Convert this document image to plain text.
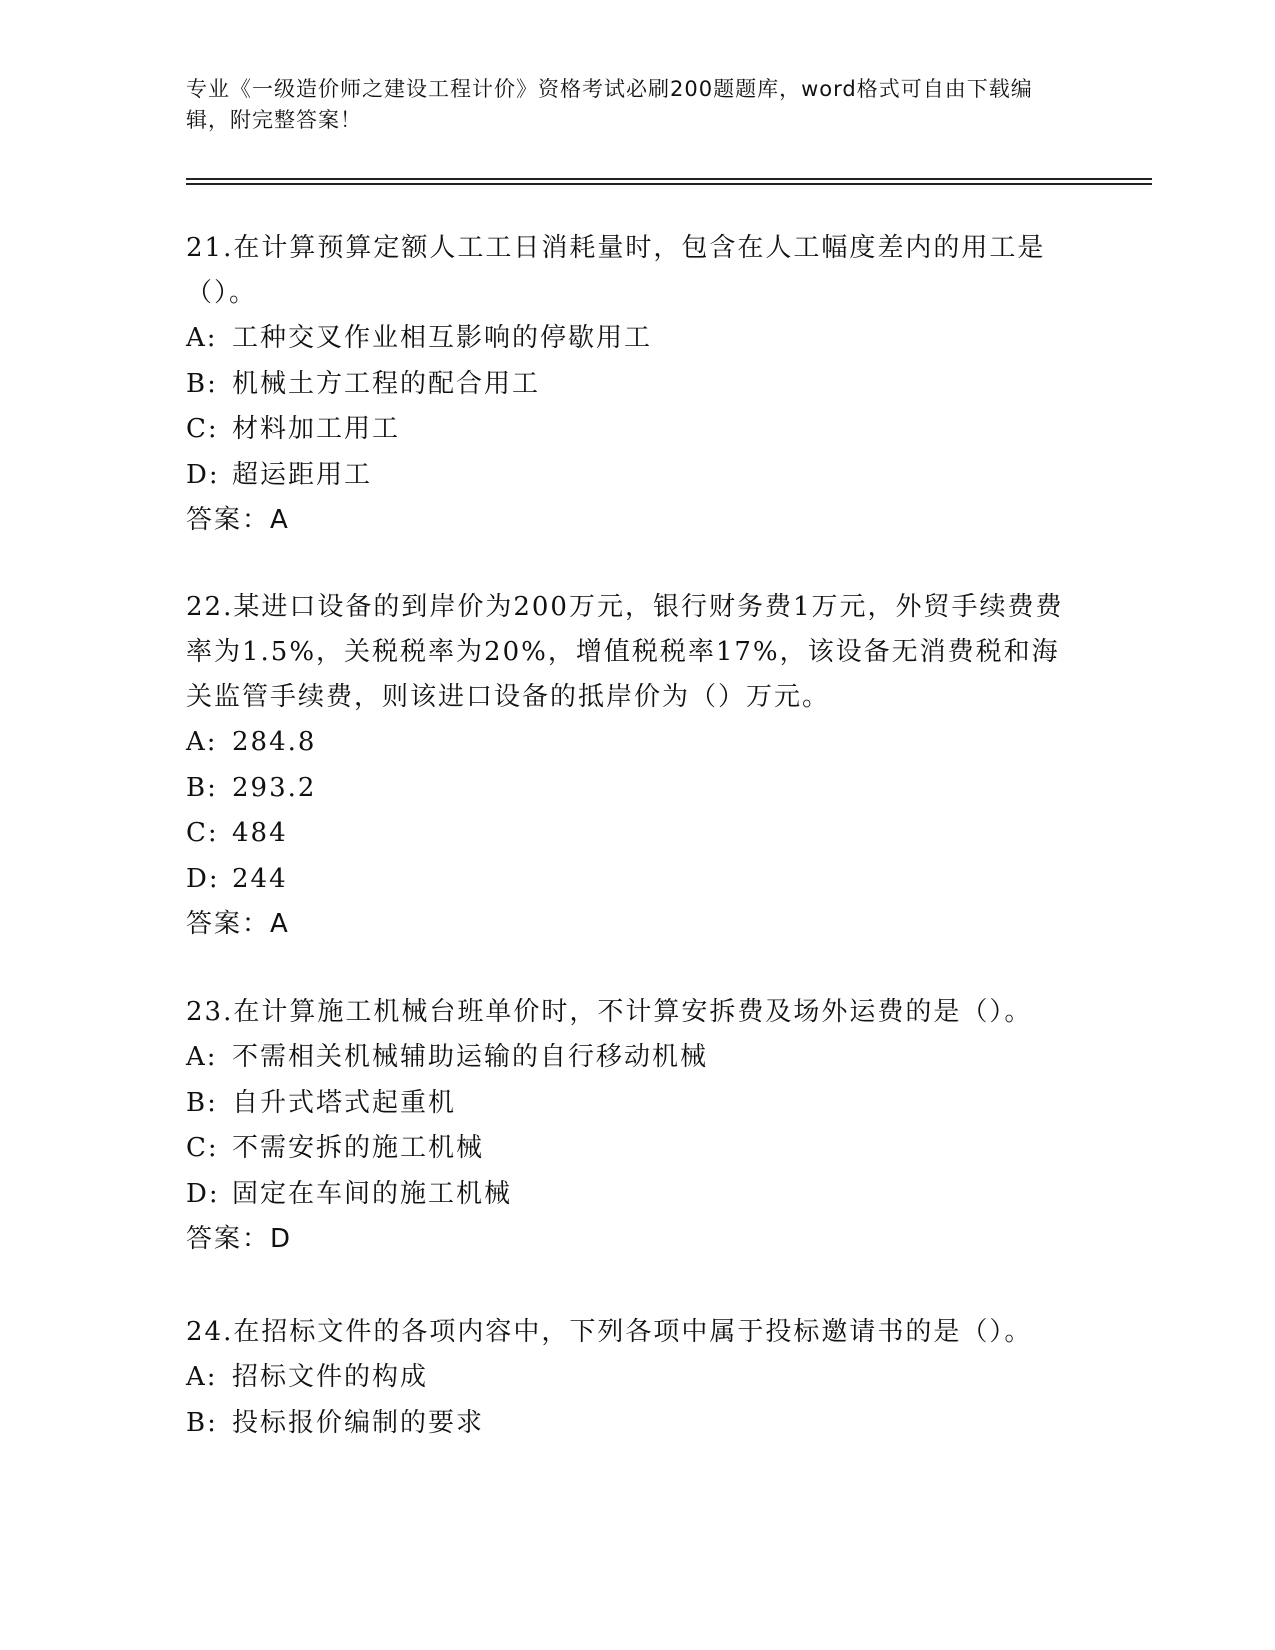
专业《一级造价师之建设工程计价》资格考试必刷200题题库，word格式可自由下载编辑，附完整答案！
21.在计算预算定额人工工日消耗量时，包含在人工幅度差内的用工是（）。
A: 工种交叉作业相互影响的停歇用工
B: 机械土方工程的配合用工
C: 材料加工用工
D: 超运距用工
答案：A
22.某进口设备的到岸价为200万元，银行财务费1万元，外贸手续费费率为1.5%，关税税率为20%，增值税税率17%，该设备无消费税和海关监管手续费，则该进口设备的抵岸价为（）万元。
A: 284.8
B: 293.2
C: 484
D: 244
答案：A
23.在计算施工机械台班单价时，不计算安拆费及场外运费的是（）。
A: 不需相关机械辅助运输的自行移动机械
B: 自升式塔式起重机
C: 不需安拆的施工机械
D: 固定在车间的施工机械
答案：D
24.在招标文件的各项内容中，下列各项中属于投标邀请书的是（）。
A: 招标文件的构成
B: 投标报价编制的要求
